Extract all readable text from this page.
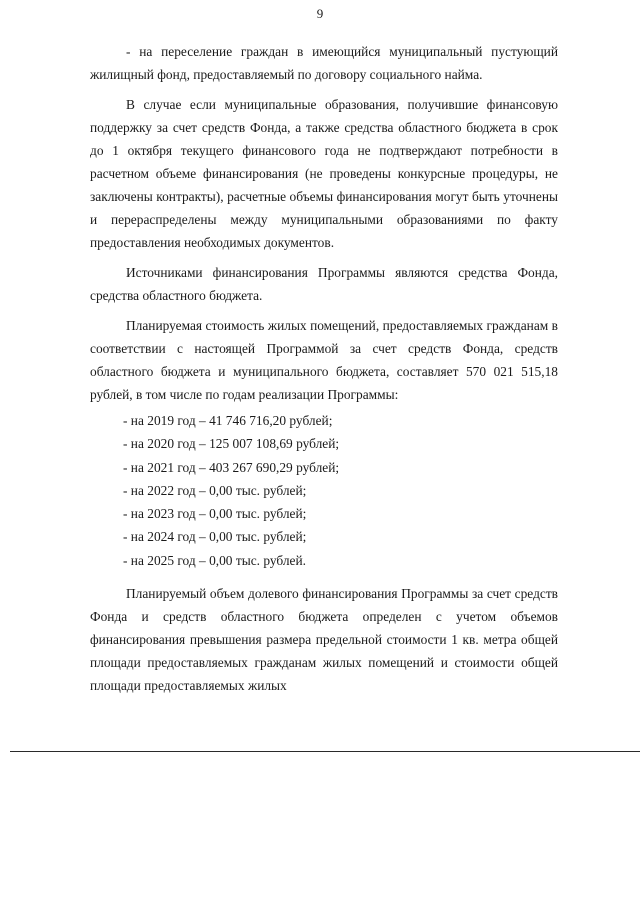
9

- на переселение граждан в имеющийся муниципальный пустующий жилищный фонд, предоставляемый по договору социального найма.

В случае если муниципальные образования, получившие финансовую поддержку за счет средств Фонда, а также средства областного бюджета в срок до 1 октября текущего финансового года не подтверждают потребности в расчетном объеме финансирования (не проведены конкурсные процедуры, не заключены контракты), расчетные объемы финансирования могут быть уточнены и перераспределены между муниципальными образованиями по факту предоставления необходимых документов.

Источниками финансирования Программы являются средства Фонда, средства областного бюджета.

Планируемая стоимость жилых помещений, предоставляемых гражданам в соответствии с настоящей Программой за счет средств Фонда, средств областного бюджета и муниципального бюджета, составляет 570 021 515,18 рублей, в том числе по годам реализации Программы:

- на 2019 год – 41 746 716,20 рублей;
- на 2020 год – 125 007 108,69 рублей;
- на 2021 год – 403 267 690,29 рублей;
- на 2022 год – 0,00 тыс. рублей;
- на 2023 год – 0,00 тыс. рублей;
- на 2024 год – 0,00 тыс. рублей;
- на 2025 год – 0,00 тыс. рублей.

Планируемый объем долевого финансирования Программы за счет средств Фонда и средств областного бюджета определен с учетом объемов финансирования превышения размера предельной стоимости 1 кв. метра общей площади предоставляемых гражданам жилых помещений и стоимости общей площади предоставляемых жилых
